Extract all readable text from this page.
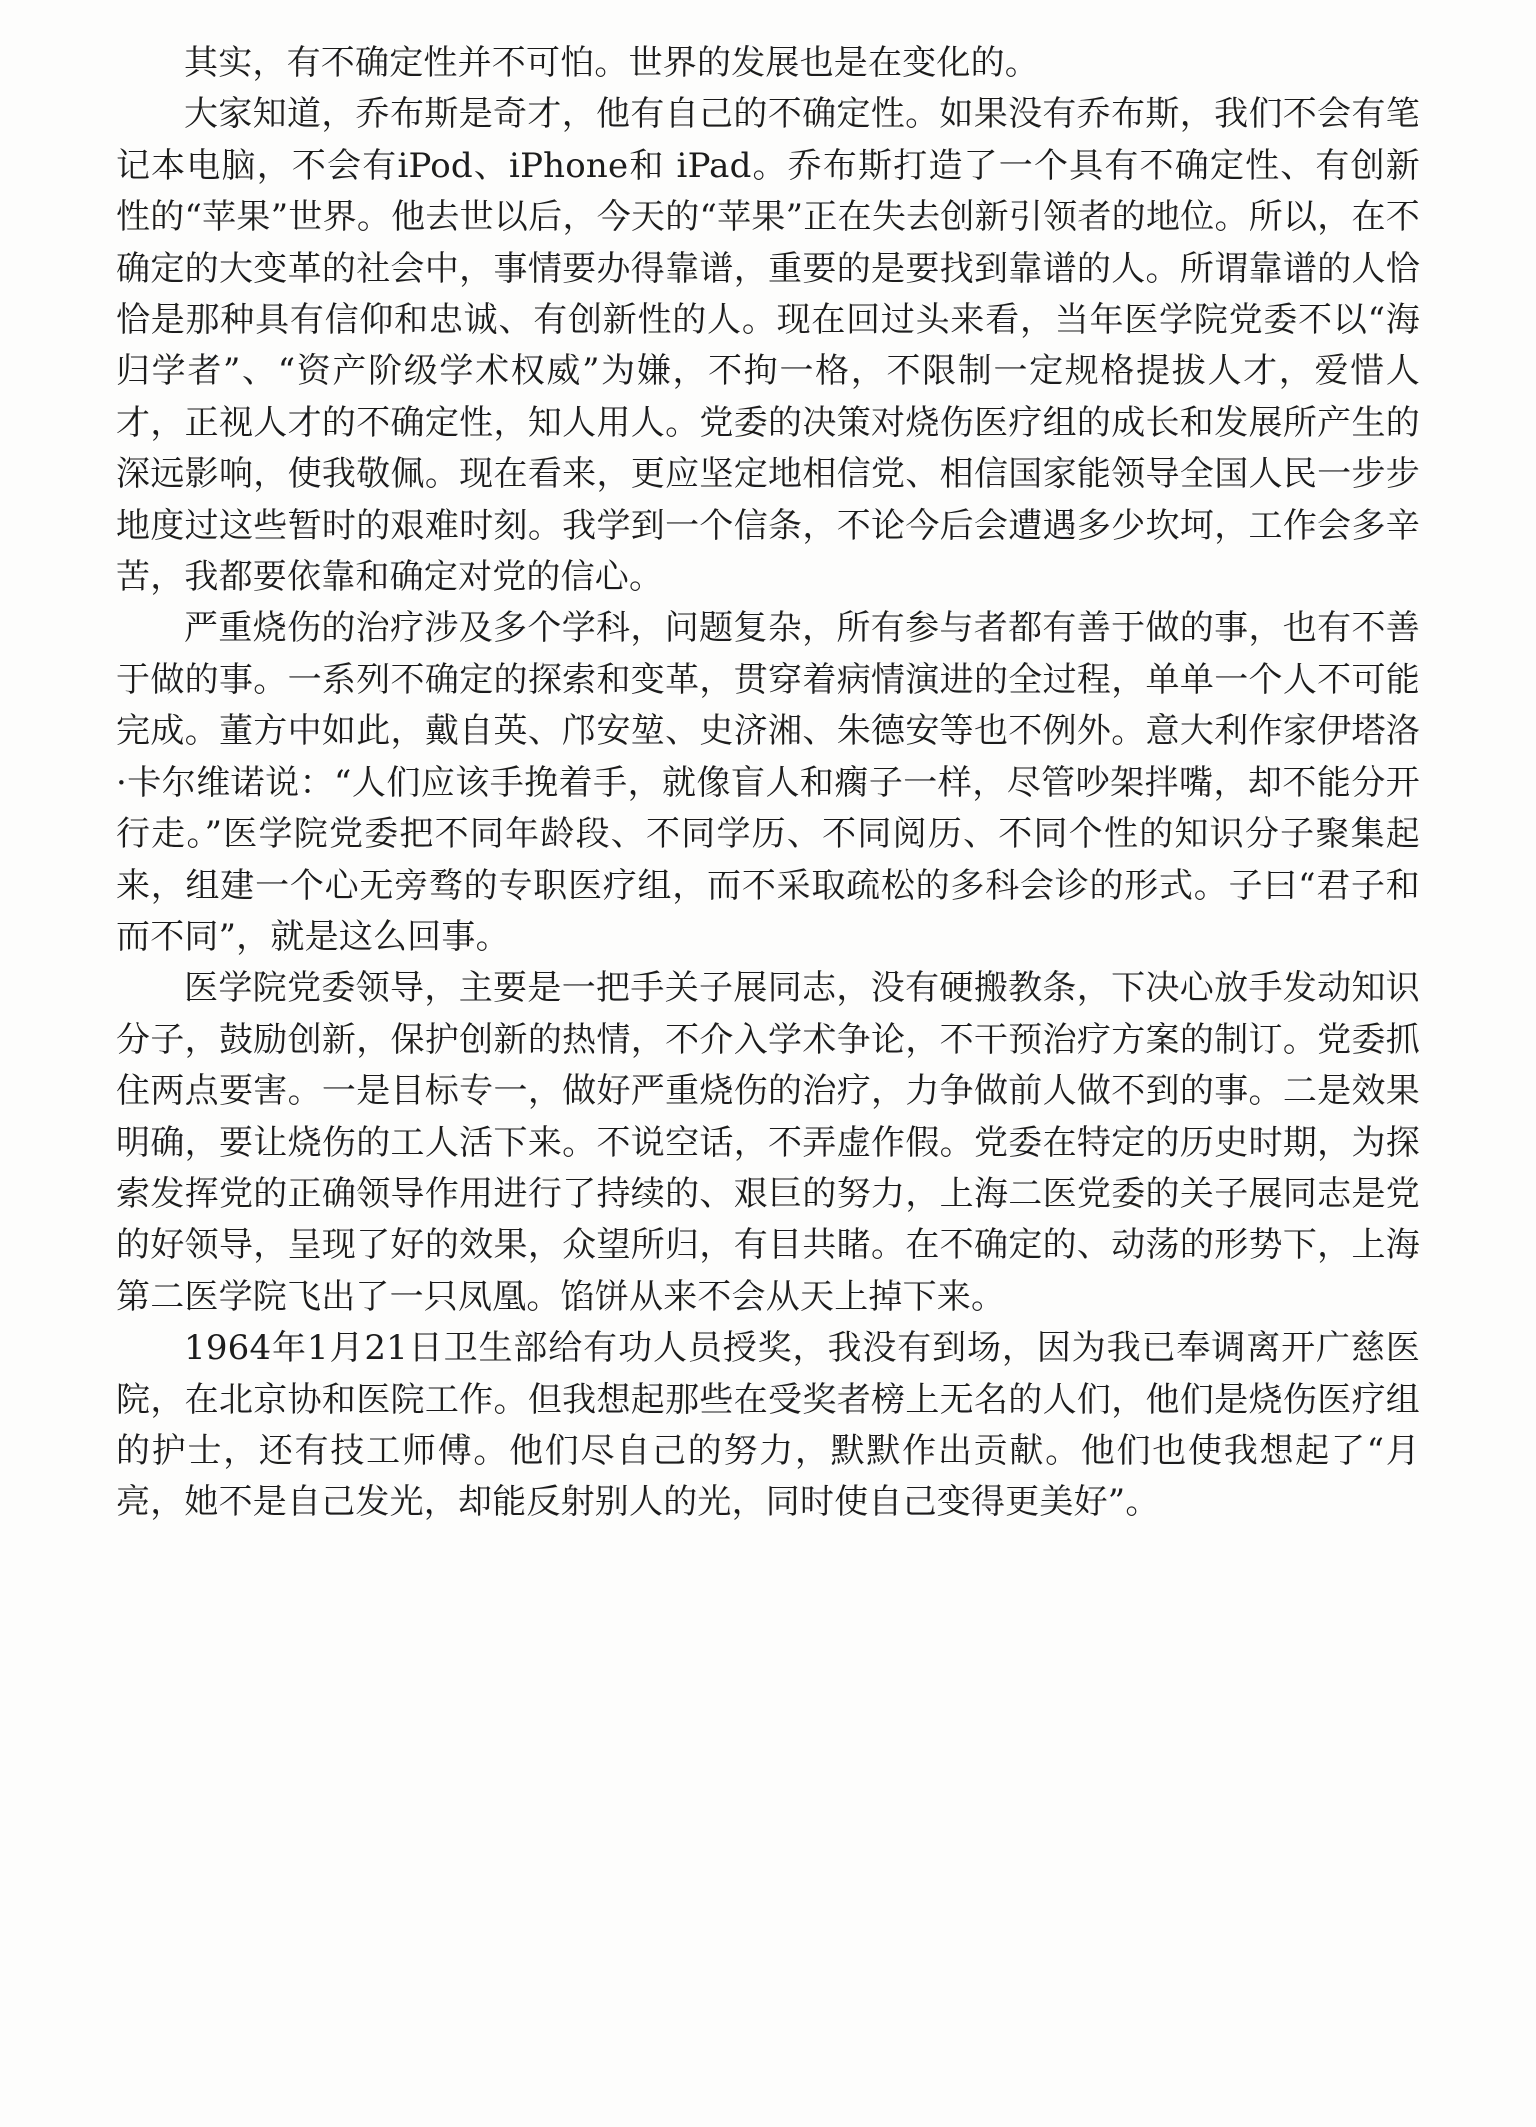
其实，有不确定性并不可怕。世界的发展也是在变化的。

大家知道，乔布斯是奇才，他有自己的不确定性。如果没有乔布斯，我们不会有笔记本电脑，不会有iPod、iPhone和 iPad。乔布斯打造了一个具有不确定性、有创新性的“苹果”世界。他去世以后，今天的“苹果”正在失去创新引领者的地位。所以，在不确定的大变革的社会中，事情要办得靠谱，重要的是要找到靠谱的人。所谓靠谱的人恰恰是那种具有信仰和忠诚、有创新性的人。现在回过头来看，当年医学院党委不以“海归学者”、“资产阶级学术权威”为嫌，不拘一格，不限制一定规格提拔人才，爱惜人才，正视人才的不确定性，知人用人。党委的决策对烧伤医疗组的成长和发展所产生的深远影响，使我敬佩。现在看来，更应坚定地相信党、相信国家能领导全国人民一步步地度过这些暂时的艰难时刻。我学到一个信条，不论今后会遭遇多少坎坷，工作会多辛苦，我都要依靠和确定对党的信心。

严重烧伤的治疗涉及多个学科，问题复杂，所有参与者都有善于做的事，也有不善于做的事。一系列不确定的探索和变革，贯穿着病情演进的全过程，单单一个人不可能完成。董方中如此，戴自英、邝安堃、史济湘、朱德安等也不例外。意大利作家伊塔洛·卡尔维诺说：“人们应该手挽着手，就像盲人和瘸子一样，尽管吵架拌嘴，却不能分开行走。”医学院党委把不同年龄段、不同学历、不同阅历、不同个性的知识分子聚集起来，组建一个心无旁骛的专职医疗组，而不采取疏松的多科会诊的形式。子曰“君子和而不同”，就是这么回事。

医学院党委领导，主要是一把手关子展同志，没有硬搬教条，下决心放手发动知识分子，鼓励创新，保护创新的热情，不介入学术争论，不干预治疗方案的制订。党委抓住两点要害。一是目标专一，做好严重烧伤的治疗，力争做前人做不到的事。二是效果明确，要让烧伤的工人活下来。不说空话，不弄虚作假。党委在特定的历史时期，为探索发挥党的正确领导作用进行了持续的、艰巨的努力，上海二医党委的关子展同志是党的好领导，呈现了好的效果，众望所归，有目共睹。在不确定的、动荡的形势下，上海第二医学院飞出了一只凤凰。馅饼从来不会从天上掉下来。

1964年1月21日卫生部给有功人员授奖，我没有到场，因为我已奉调离开广慈医院，在北京协和医院工作。但我想起那些在受奖者榜上无名的人们，他们是烧伤医疗组的护士，还有技工师傅。他们尽自己的努力，默默作出贡献。他们也使我想起了“月亮，她不是自己发光，却能反射别人的光，同时使自己变得更美好”。
